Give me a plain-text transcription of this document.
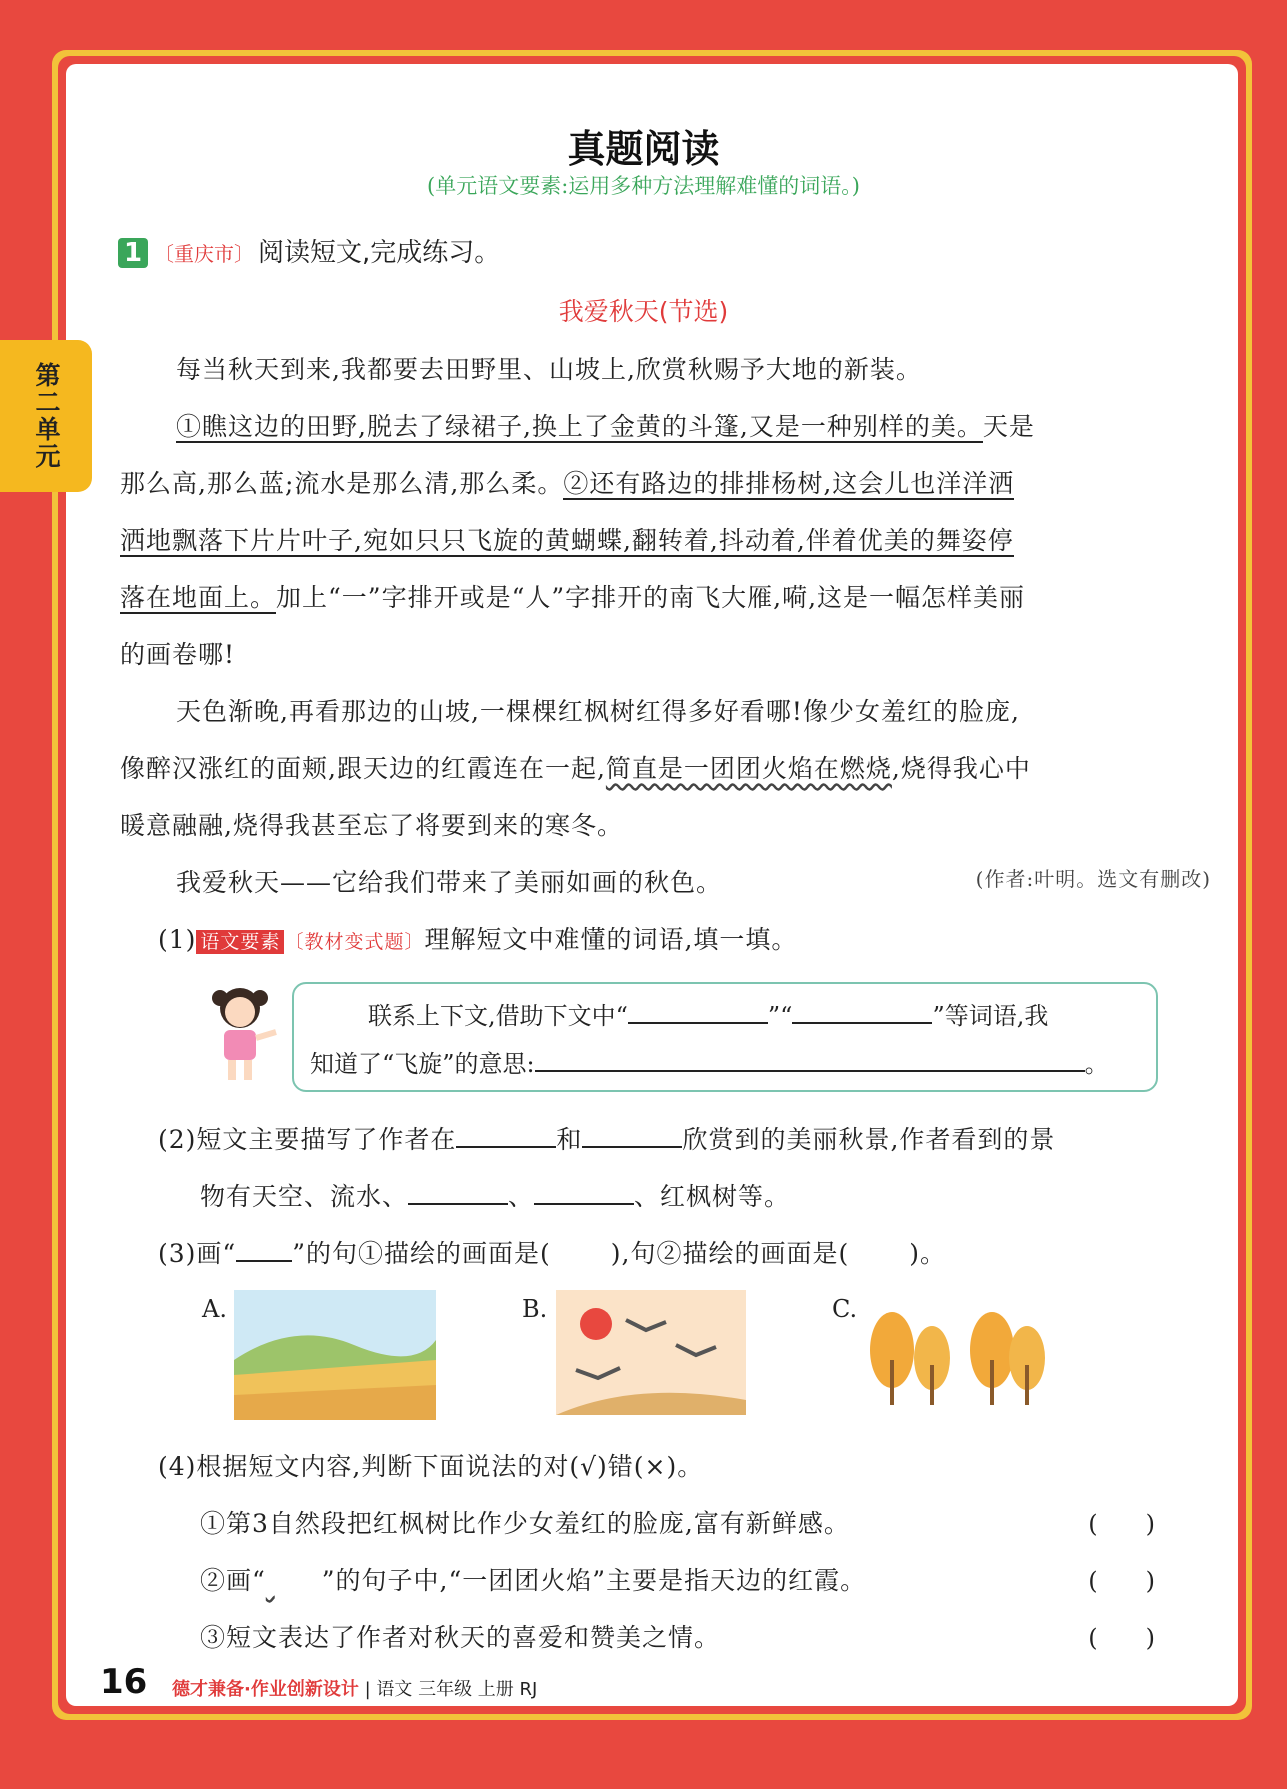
第二单元
真题阅读
(单元语文要素:运用多种方法理解难懂的词语。)
1 〔重庆市〕 阅读短文,完成练习。
我爱秋天(节选)
每当秋天到来,我都要去田野里、山坡上,欣赏秋赐予大地的新装。
①瞧这边的田野,脱去了绿裙子,换上了金黄的斗篷,又是一种别样的美。天是
那么高,那么蓝;流水是那么清,那么柔。②还有路边的排排杨树,这会儿也洋洋洒
洒地飘落下片片叶子,宛如只只飞旋的黄蝴蝶,翻转着,抖动着,伴着优美的舞姿停
落在地面上。加上“一”字排开或是“人”字排开的南飞大雁,嗬,这是一幅怎样美丽
的画卷哪!
天色渐晚,再看那边的山坡,一棵棵红枫树红得多好看哪!像少女羞红的脸庞,
像醉汉涨红的面颊,跟天边的红霞连在一起,简直是一团团火焰在燃烧,烧得我心中
暖意融融,烧得我甚至忘了将要到来的寒冬。
我爱秋天——它给我们带来了美丽如画的秋色。	(作者:叶明。选文有删改)
(1) 语文要素 〔教材变式题〕理解短文中难懂的词语,填一填。
联系上下文,借助下文中“	”“	”等词语,我
知道了“飞旋”的意思:	。
(2)短文主要描写了作者在	和	欣赏到的美丽秋景,作者看到的景
物有天空、流水、	、	、红枫树等。
(3)画“ ”的句①描绘的画面是( ),句②描绘的画面是( )。
A.	B.	C.
(4)根据短文内容,判断下面说法的对(√)错(×)。
①第3自然段把红枫树比作少女羞红的脸庞,富有新鲜感。	(　　)
②画“ ”的句子中,“一团团火焰”主要是指天边的红霞。	(　　)
③短文表达了作者对秋天的喜爱和赞美之情。	(　　)
16 德才兼备·作业创新设计 | 语文 三年级 上册 RJ
